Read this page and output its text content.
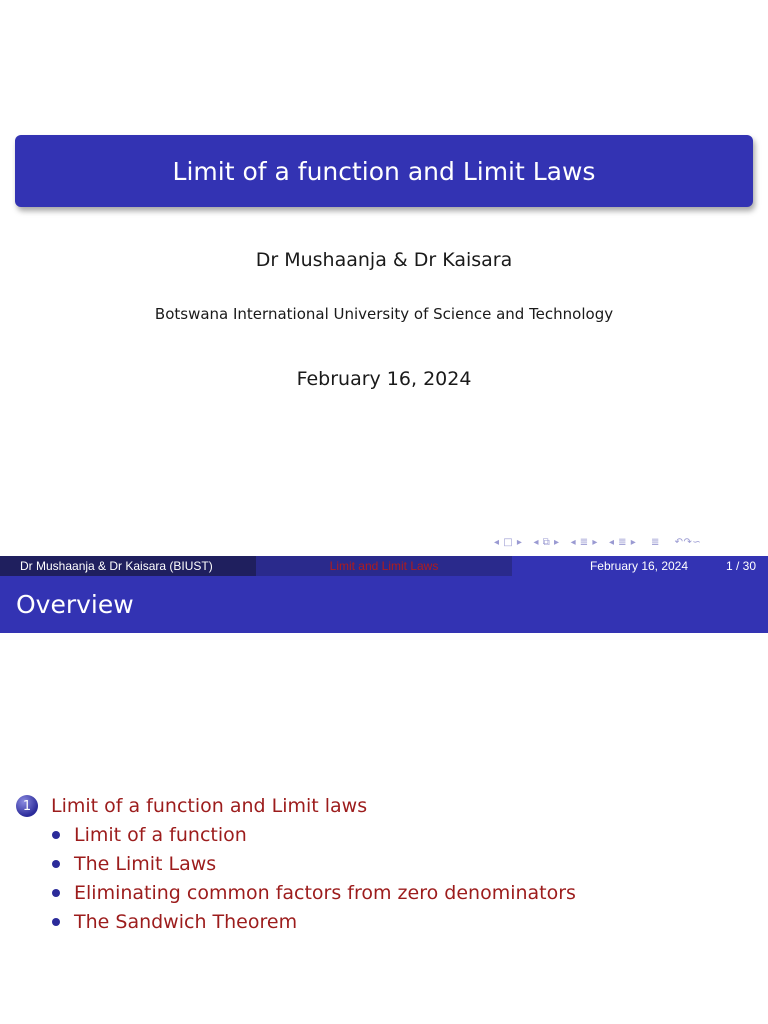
Limit of a function and Limit Laws
Dr Mushaanja & Dr Kaisara
Botswana International University of Science and Technology
February 16, 2024
◂ □ ▸ ◂ ⧉ ▸ ◂ ≣ ▸ ◂ ≣ ▸ ≣ ↶↷∽
Dr Mushaanja & Dr Kaisara (BIUST)	Limit and Limit Laws	February 16, 2024	1 / 30
Overview
1	Limit of a function and Limit laws
Limit of a function
The Limit Laws
Eliminating common factors from zero denominators
The Sandwich Theorem
